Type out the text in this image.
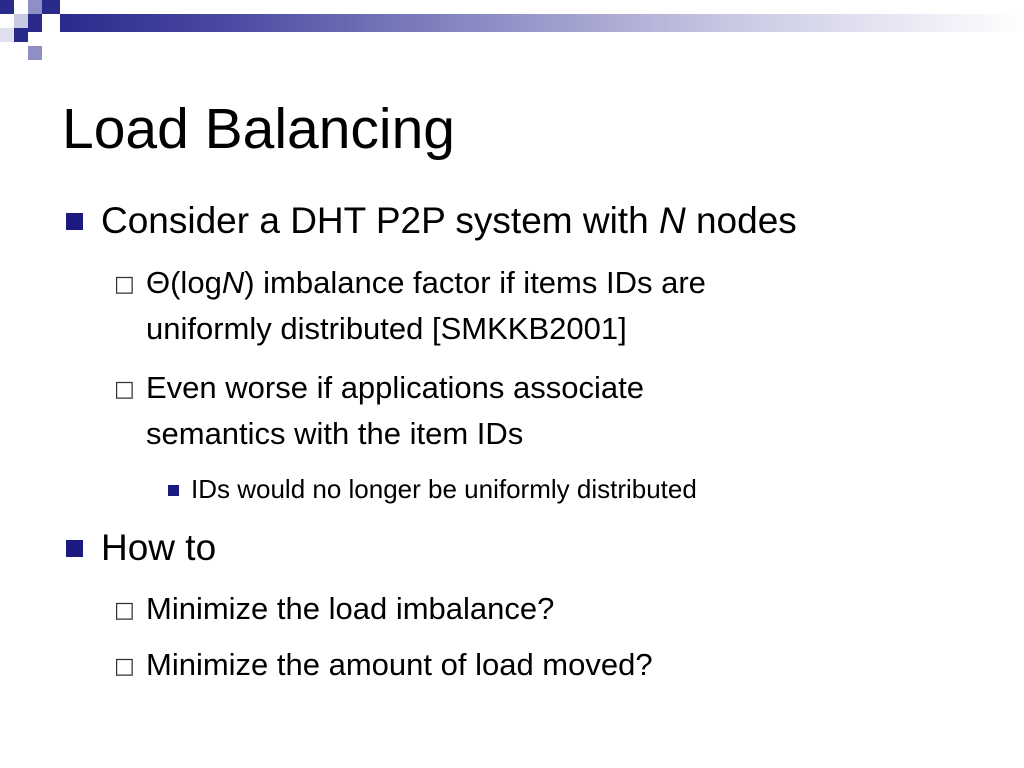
Load Balancing
Consider a DHT P2P system with N nodes
□ Θ(logN) imbalance factor if items IDs are
uniformly distributed [SMKKB2001]
□ Even worse if applications associate
semantics with the item IDs
IDs would no longer be uniformly distributed
How to
□ Minimize the load imbalance?
□ Minimize the amount of load moved?
